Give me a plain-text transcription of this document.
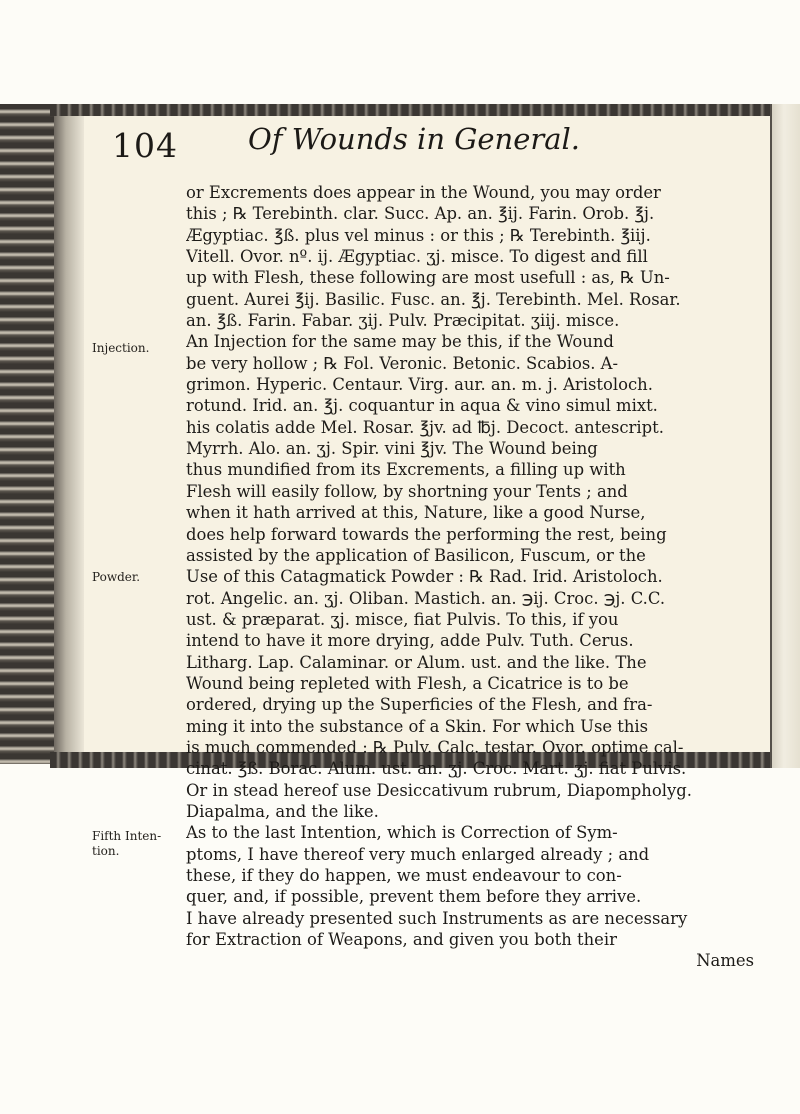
104 Of Wounds in General.
Injection.
Powder.
Fifth Inten- tion.
or Excrements does appear in the Wound, you may order
this ; ℞ Terebinth. clar. Succ. Ap. an. ℥ij. Farin. Orob. ℥j.
Ægyptiac. ℥ß. plus vel minus : or this ; ℞ Terebinth. ℥iij.
Vitell. Ovor. nº. ij. Ægyptiac. ʒj. misce. To digest and fill
up with Flesh, these following are most usefull : as, ℞ Un-
guent. Aurei ℥ij. Basilic. Fusc. an. ℥j. Terebinth. Mel. Rosar.
an. ℥ß. Farin. Fabar. ʒij. Pulv. Præcipitat. ʒiij. misce.
An Injection for the same may be this, if the Wound
be very hollow ; ℞ Fol. Veronic. Betonic. Scabios. A-
grimon. Hyperic. Centaur. Virg. aur. an. m. j. Aristoloch.
rotund. Irid. an. ℥j. coquantur in aqua & vino simul mixt.
his colatis adde Mel. Rosar. ℥jv. ad ℔j. Decoct. antescript.
Myrrh. Alo. an. ʒj. Spir. vini ℥jv. The Wound being
thus mundified from its Excrements, a filling up with
Flesh will easily follow, by shortning your Tents ; and
when it hath arrived at this, Nature, like a good Nurse,
does help forward towards the performing the rest, being
assisted by the application of Basilicon, Fuscum, or the
Use of this Catagmatick Powder : ℞ Rad. Irid. Aristoloch.
rot. Angelic. an. ʒj. Oliban. Mastich. an. ℈ij. Croc. ℈j. C.C.
ust. & præparat. ʒj. misce, fiat Pulvis. To this, if you
intend to have it more drying, adde Pulv. Tuth. Cerus.
Litharg. Lap. Calaminar. or Alum. ust. and the like. The
Wound being repleted with Flesh, a Cicatrice is to be
ordered, drying up the Superficies of the Flesh, and fra-
ming it into the substance of a Skin. For which Use this
is much commended : ℞ Pulv. Calc. testar. Ovor. optime cal-
cinat. ℥ß. Borac. Alum. ust. an. ʒj. Croc. Mart. ʒj. fiat Pulvis.
Or in stead hereof use Desiccativum rubrum, Diapompholyg.
Diapalma, and the like.
As to the last Intention, which is Correction of Sym-
ptoms, I have thereof very much enlarged already ; and
these, if they do happen, we must endeavour to con-
quer, and, if possible, prevent them before they arrive.
I have already presented such Instruments as are necessary
for Extraction of Weapons, and given you both their
Names
